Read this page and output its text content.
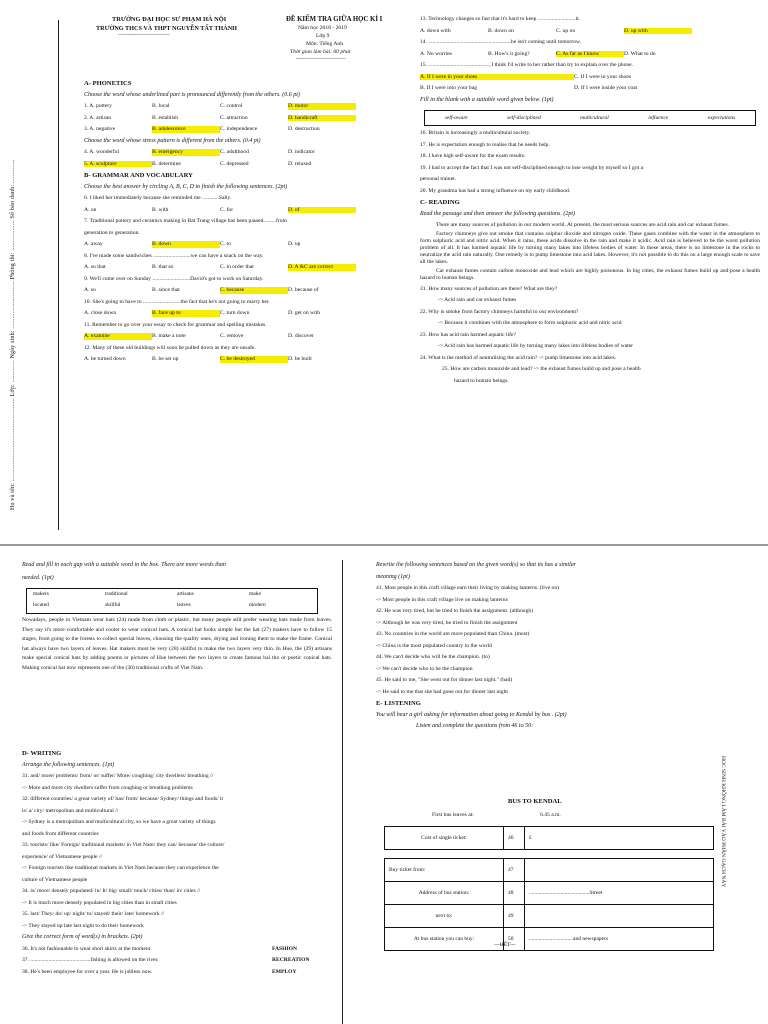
Họ và tên: ................................................. Lớp: ............. Ngày sinh: ............................ Phòng thi: .................. Số báo danh: ..............
TRƯỜNG ĐẠI HỌC SƯ PHẠM HÀ NỘI
TRƯỜNG THCS VÀ THPT NGUYỄN TẤT THÀNH
-------------------------------
ĐỀ KIỂM TRA GIỮA HỌC KÌ I
Năm học 2018 - 2019
Lớp 9
Môn: Tiếng Anh
Thời gian làm bài: 60 phút
------------------------------
A- PHONETICS
Choose the word whose underlined part is pronounced differently from the others. (0.6 pt)
1. A. pottery	B. local	C. control	D. motor
2. A. artisan	B. establish	C. attraction	D. handicraft
3. A. negative	B. adolescence	C. independence	D. destruction
Choose the word whose stress pattern is different from the others. (0.4 pt)
4. A. wonderful	B. emergency	C. adulthood	D. indicator
5. A. sculpture	B. determine	C. depressed	D. relaxed
B- GRAMMAR AND VOCABULARY
Choose the best answer by circling A, B, C, D to finish the following sentences. (2pt)
6. I liked her immediately because she reminded me ............Sally.
A. on	B. with	C. for	D. of
7. Traditional pottery and ceramics making in Bat Trang village has been passed.........from
generation to generation.
A. away	B. down	C. to	D. up
8. I've made some sandwiches ...........................we can have a snack on the way.
A. so that	B. that so	C. in order that	D. A &C are correct
9. We'll come over on Sunday ...........................David's got to work on Saturday.
A. so	B. since that	C. because	D. because of
10. She's going to have to ...........................the fact that he's not going to marry her.
A. close down	B. face up to	C. turn down	D. get on with
11. Remember to go over your essay to check for grammar and spelling mistakes.
A. examine	B. make a note	C. remove	D. discover
12. Many of these old buildings will soon be pulled down as they are unsafe.
A. be turned down	B. be set up	C. be destroyed	D. be built
13. Technology changes so fast that it's hard to keep ...........................it.
A. down with	B. down on	C. up on	D. up with
14. ...........................................................he isn't coming until tomorrow.
A. No worries	B. How's it going?	C. As far as I know	D. What to do
15. ..........................................., I think I'd write to her rather than try to explain over the phone.
A. If I were in your shoes	C. If I were in your shoes
B. If I were into your bag	D. If I were inside your coat
Fill in the blank with a suitable word given below. (1pt)
self-aware	self-disciplined	multicultural	influence	expectations
16. Britain is increasingly a multicultural society.
17. He is expectation enough to realise that he needs help.
18. I have high self-aware for the exam results.
19. I had to accept the fact that I was not self-disciplined enough to lose weight by myself so I got a
personal trainer.
20. My grandma has had a strong influence on my early childhood.
C- READING
Read the passage and then answer the following questions. (2pt)
There are many sources of pollution in our modern world. At present, the most serious sources are acid rain and car exhaust fumes.
Factory chimneys give out smoke that contains sulphur dioxide and nitrogen oxide. These gases combine with the water in the atmosphere to form sulphuric acid and nitric acid. When it rains, these acids dissolve in the rain and make it acidic. Acid rain is believed to be the worst pollution problem of all. It has harmed aquatic life by turning many lakes into lifeless bodies of water. In these areas, there is no limestone in the rocks to neutralize the acid rain naturally. One remedy is to pump limestone into acid lakes. However, it's not possible to do this on a large enough scale to save all the lakes.
Car exhaust fumes contain carbon monoxide and lead which are highly poisonous. In big cities, the exhaust fumes build up and pose a health hazard to human beings.
21. How many sources of pollution are there? What are they?
-> Acid rain and car exhaust fumes
22. Why is smoke from factory chimneys harmful to our environment?
-> Because it combines with the atmosphere to form sulphuric acid and nitric acid
23. How has acid rain harmed aquatic life?
-> Acid rain has harmed aquatic life by turning many lakes into lifeless bodies of water
24. What is the method of neutralising the acid rain? -> pump limestone into acid lakes.
25. How are carbon monoxide and lead? -> the exhaust fumes build up and pose a health
hazard to human beings.
Read and fill in each gap with a suitable word in the box. There are more words than
needed. (1pt)
makers	traditional	artisans	make
located	skillful	leaves	modern
Nowadays, people in Vietnam wear hats (24) made from cloth or plastic, but many people still prefer wearing hats made from leaves. They say it's more comfortable and cooler to wear conical hats. A conical hat looks simple but the hat (27) makers have to follow 15 stages, from going to the forests to collect special leaves, choosing the quality ones, drying and ironing them to make the frame. Conical hat always have two layers of leaves. Hat makers must be very (28) skillful to make the two layers very thin. In Hue, the (29) artisans make special conical hats by adding poems or pictures of Hue between the two layers to create famous bai tho or poetic conical hats. Making conical hat now represents one of the (30) traditional crafts of Viet Nam.
D- WRITING
Arrange the following sentences. (1pt)
31. and/ more/ problems/ from/ or/ suffer/ More/ coughing/ city dwellers/ breathing //
-> More and more city dwellers suffer from coughing or breathing problems
32. different countries/ a great variety of/ has/ from/ because/ Sydney/ things and foods/ it
is/ a/ city/ metropolitan and multicultural //
-> Sydney is a metropolitan and multicultural city, so we have a great variety of things
and foods from different countries
33. tourists/ like/ Foreign/ traditional markets/ in Viet Nam/ they can/ because/ the culture/
experience/ of Vietnamese people //
-> Foreign tourists like traditional markets in Viet Nam because they can experience the
culture of Vietnamese people
34. is/ more/ densely populated/ in/ It/ big/ small/ much/ cities/ than/ in/ cities //
-> It is much more densely populated in big cities than in small cities
35. last/ They/ do/ up/ night/ to/ stayed/ their/ late/ homework //
-> They stayed up late last night to do their homework
Give the correct form of word(s) in brackets. (2pt)
36. It's not fashionable to wear short skirts at the moment.	FASHION
37. ...........................................fishing is allowed on the river.	RECREATION
38. He's been employee for over a year. He is jobless now.	EMPLOY
Rewrite the following sentences based on the given word(s) so that its has a similar
meaning (1pt)
41. Most people in this craft village earn their living by making lanterns. (live on)
-> Most people in this craft village live on making lanterns
42. He was very tired, but he tried to finish the assignment. (although)
-> Although he was very tired, he tried to finish the assignment
43. No countries in the world are more populated than China. (most)
-> China is the most populated country in the world
44. We can't decide who will be the champion. (to)
-> We can't decide who to be the champion
45. He said to me, "She went out for dinner last night." (had)
-> He said to me that she had gone out for dinner last night
E- LISTENING
You will hear a girl asking for information about going to Kendal by bus . (2pt)
Listen and complete the questions from 46 to 50:
BUS TO KENDAL
First bus leaves at:	6.45 a.m.
Cost of single ticket:	46	£
Buy ticket from:	47	
Address of bus station:	48	............................................Street
next to:	49	
At bus station you can buy:	50	................................and newspapers
---HẾT---
HỌC SINH KHÔNG LÀM BÀI VÀO PHẦN GẠCH NÀY
